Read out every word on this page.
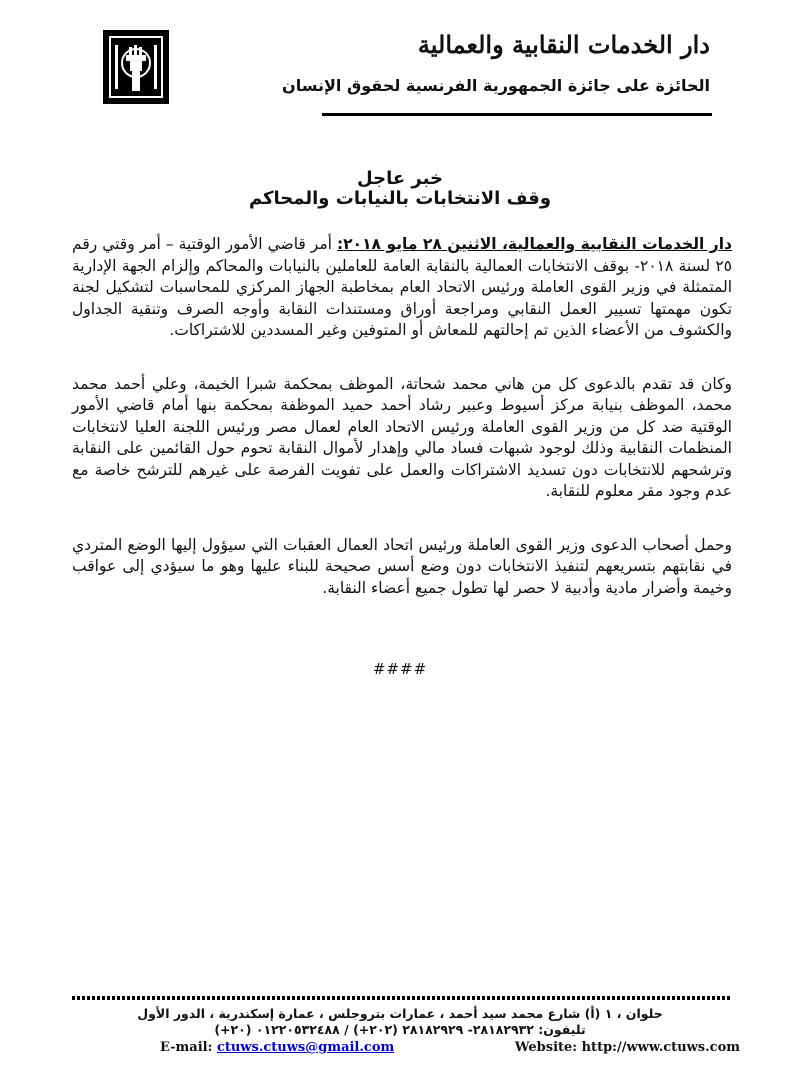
دار الخدمات النقابية والعمالية
الحائزة على جائزة الجمهورية الفرنسية لحقوق الإنسان
خبر عاجل
وقف الانتخابات بالنيابات والمحاكم

دار الخدمات النقابية والعمالية، الاثنين ٢٨ مايو ٢٠١٨: أمر قاضي الأمور الوقتية – أمر وقتي رقم ٢٥ لسنة ٢٠١٨- بوقف الانتخابات العمالية بالنقابة العامة للعاملين بالنيابات والمحاكم وإلزام الجهة الإدارية المتمثلة في وزير القوى العاملة ورئيس الاتحاد العام بمخاطبة الجهاز المركزي للمحاسبات لتشكيل لجنة تكون مهمتها تسيير العمل النقابي ومراجعة أوراق ومستندات النقابة وأوجه الصرف وتنقية الجداول والكشوف من الأعضاء الذين تم إحالتهم للمعاش أو المتوفين وغير المسددين للاشتراكات.

وكان قد تقدم بالدعوى كل من هاني محمد شحاتة، الموظف بمحكمة شبرا الخيمة، وعلي أحمد محمد محمد، الموظف بنيابة مركز أسيوط وعبير رشاد أحمد حميد الموظفة بمحكمة بنها أمام قاضي الأمور الوقتية ضد كل من وزير القوى العاملة ورئيس الاتحاد العام لعمال مصر ورئيس اللجنة العليا لانتخابات المنظمات النقابية وذلك لوجود شبهات فساد مالي وإهدار لأموال النقابة تحوم حول القائمين على النقابة وترشحهم للانتخابات دون تسديد الاشتراكات والعمل على تفويت الفرصة على غيرهم للترشح خاصة مع عدم وجود مقر معلوم للنقابة.

وحمل أصحاب الدعوى وزير القوى العاملة ورئيس اتحاد العمال العقبات التي سيؤول إليها الوضع المتردي في نقابتهم بتسريعهم لتنفيذ الانتخابات دون وضع أسس صحيحة للبناء عليها وهو ما سيؤدي إلى عواقب وخيمة وأضرار مادية وأدبية لا حصر لها تطول جميع أعضاء النقابة.

####
حلوان ، ١ (أ) شارع محمد سيد أحمد ، عمارات بتروجلس ، عمارة إسكندرية ، الدور الأول
تليفون: ٢٨١٨٢٩٣٢- ٢٨١٨٢٩٢٩ (٢٠٢+) / ٠١٢٢٠٥٣٢٤٨٨ (٢٠+)
E-mail: ctuws.ctuws@gmail.com	Website: http://www.ctuws.com
